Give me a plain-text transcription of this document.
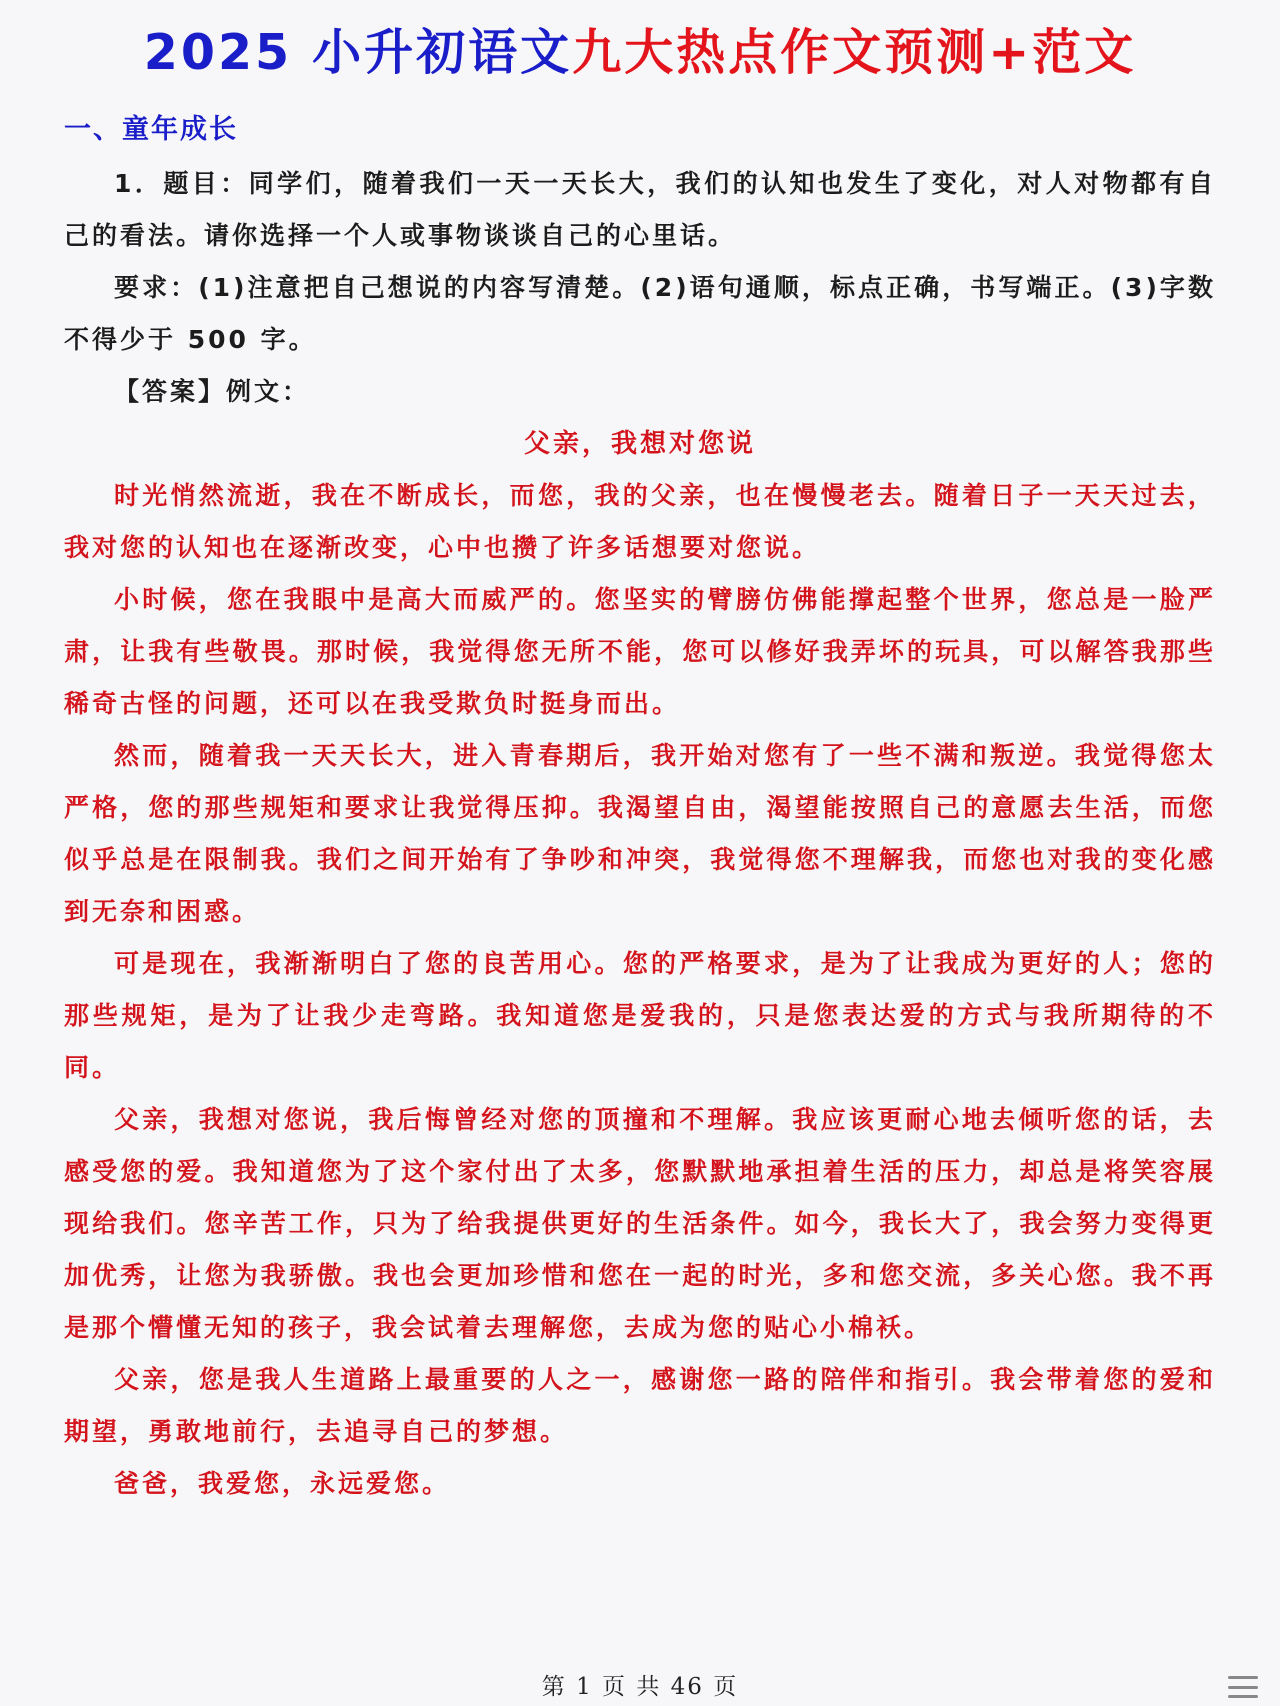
2025 小升初语文九大热点作文预测+范文
一、童年成长

1．题目：同学们，随着我们一天一天长大，我们的认知也发生了变化，对人对物都有自己的看法。请你选择一个人或事物谈谈自己的心里话。

要求：(1)注意把自己想说的内容写清楚。(2)语句通顺，标点正确，书写端正。(3)字数不得少于 500 字。

【答案】例文：

父亲，我想对您说

时光悄然流逝，我在不断成长，而您，我的父亲，也在慢慢老去。随着日子一天天过去，我对您的认知也在逐渐改变，心中也攒了许多话想要对您说。

小时候，您在我眼中是高大而威严的。您坚实的臂膀仿佛能撑起整个世界，您总是一脸严肃，让我有些敬畏。那时候，我觉得您无所不能，您可以修好我弄坏的玩具，可以解答我那些稀奇古怪的问题，还可以在我受欺负时挺身而出。

然而，随着我一天天长大，进入青春期后，我开始对您有了一些不满和叛逆。我觉得您太严格，您的那些规矩和要求让我觉得压抑。我渴望自由，渴望能按照自己的意愿去生活，而您似乎总是在限制我。我们之间开始有了争吵和冲突，我觉得您不理解我，而您也对我的变化感到无奈和困惑。

可是现在，我渐渐明白了您的良苦用心。您的严格要求，是为了让我成为更好的人；您的那些规矩，是为了让我少走弯路。我知道您是爱我的，只是您表达爱的方式与我所期待的不同。

父亲，我想对您说，我后悔曾经对您的顶撞和不理解。我应该更耐心地去倾听您的话，去感受您的爱。我知道您为了这个家付出了太多，您默默地承担着生活的压力，却总是将笑容展现给我们。您辛苦工作，只为了给我提供更好的生活条件。如今，我长大了，我会努力变得更加优秀，让您为我骄傲。我也会更加珍惜和您在一起的时光，多和您交流，多关心您。我不再是那个懵懂无知的孩子，我会试着去理解您，去成为您的贴心小棉袄。

父亲，您是我人生道路上最重要的人之一，感谢您一路的陪伴和指引。我会带着您的爱和期望，勇敢地前行，去追寻自己的梦想。

爸爸，我爱您，永远爱您。

第 1 页 共 46 页
